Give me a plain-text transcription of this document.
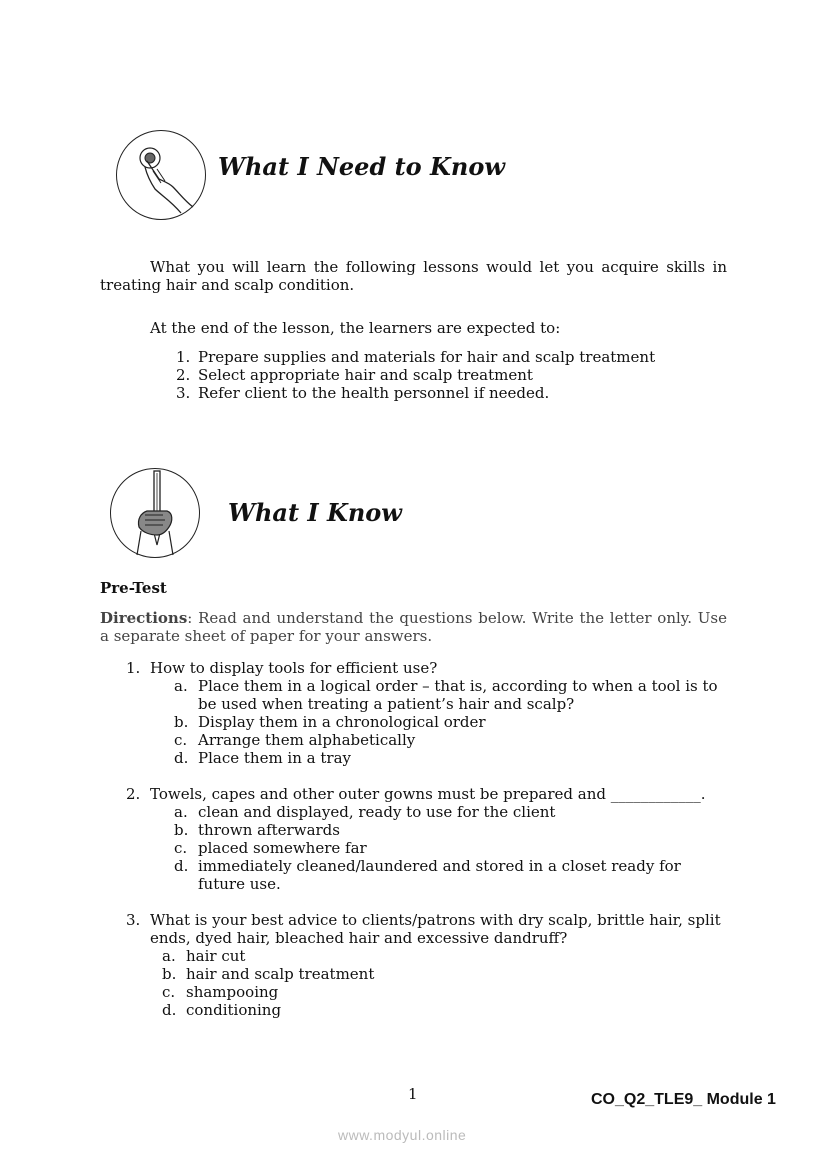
What I Need to Know
What you will learn the following lessons would let you acquire skills in treating hair and scalp condition.
At the end of the lesson, the learners are expected to:
1. Prepare supplies and materials for hair and scalp treatment
2. Select appropriate hair and scalp treatment
3. Refer client to the health personnel if needed.
What I Know
Pre-Test
Directions: Read and understand the questions below. Write the letter only. Use a separate sheet of paper for your answers.
1. How to display tools for efficient use?
a. Place them in a logical order – that is, according to when a tool is to be used when treating a patient’s hair and scalp?
b. Display them in a chronological order
c. Arrange them alphabetically
d. Place them in a tray
2. Towels, capes and other outer gowns must be prepared and ____________.
a. clean and displayed, ready to use for the client
b. thrown afterwards
c. placed somewhere far
d. immediately cleaned/laundered and stored in a closet ready for future use.
3. What is your best advice to clients/patrons with dry scalp, brittle hair, split ends, dyed hair, bleached hair and excessive dandruff?
a. hair cut
b. hair and scalp treatment
c. shampooing
d. conditioning
1	CO_Q2_TLE9_ Module 1
www.modyul.online
